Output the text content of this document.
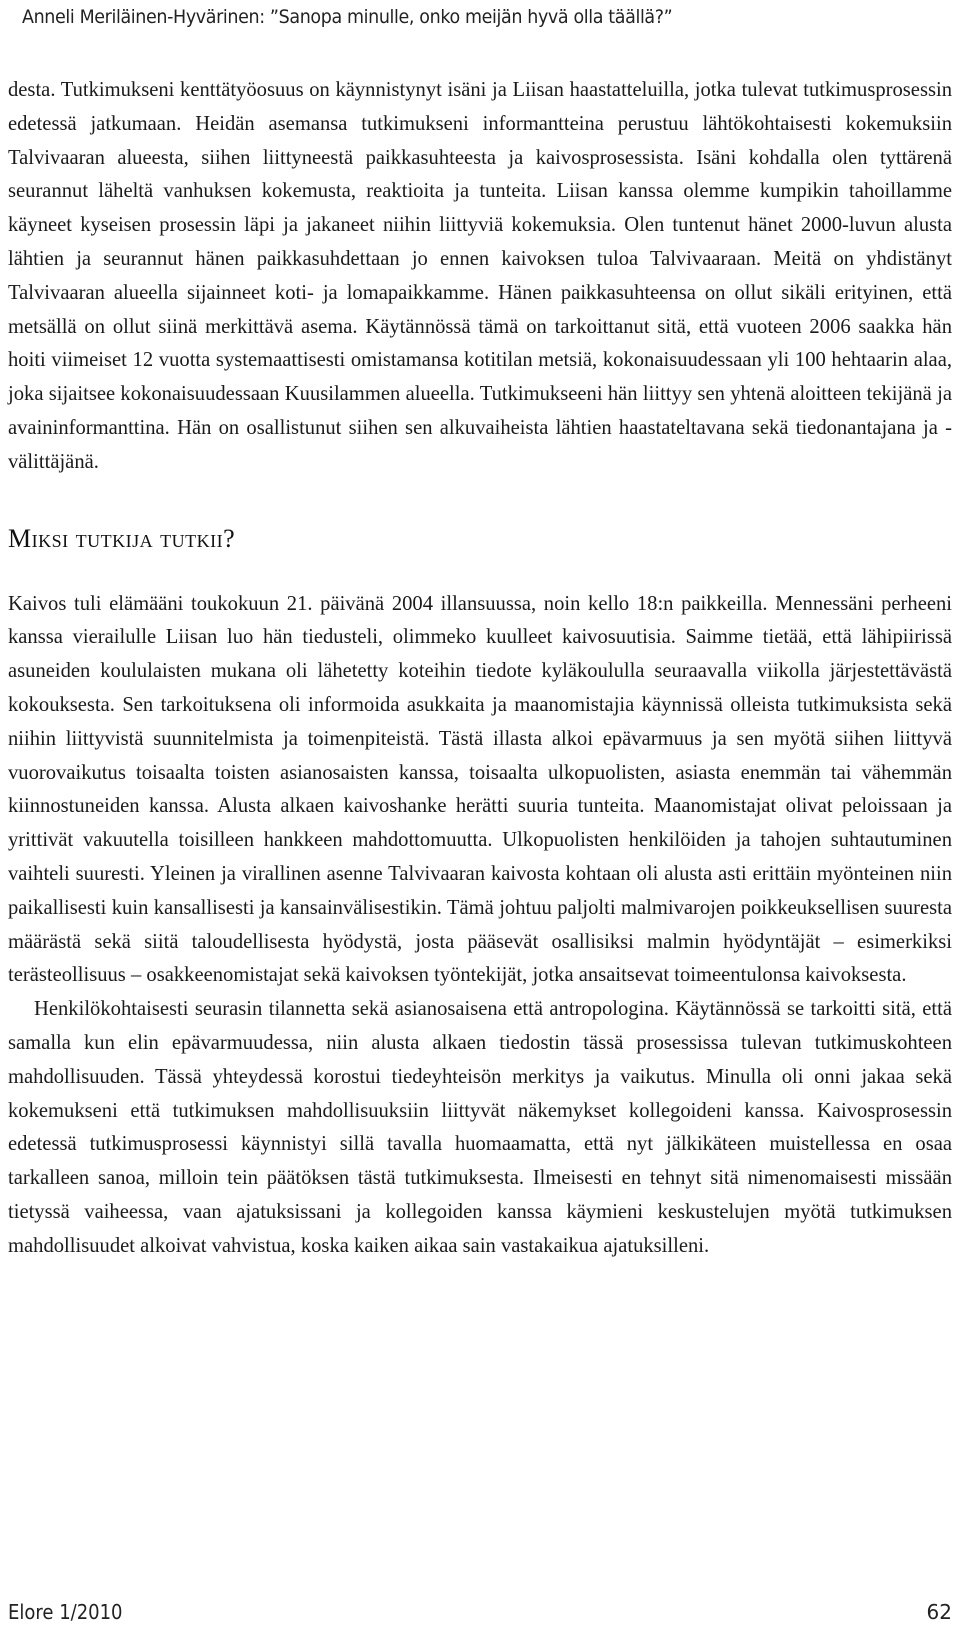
Anneli Meriläinen-Hyvärinen: ”Sanopa minulle, onko meijän hyvä olla täällä?”

desta. Tutkimukseni kenttätyöosuus on käynnistynyt isäni ja Liisan haastatteluilla, jotka tulevat tutkimusprosessin edetessä jatkumaan. Heidän asemansa tutkimukseni informantteina perustuu lähtökohtaisesti kokemuksiin Talvivaaran alueesta, siihen liittyneestä paikkasuhteesta ja kaivosprosessista. Isäni kohdalla olen tyttärenä seurannut läheltä vanhuksen kokemusta, reaktioita ja tunteita. Liisan kanssa olemme kumpikin tahoillamme käyneet kyseisen prosessin läpi ja jakaneet niihin liittyviä kokemuksia. Olen tuntenut hänet 2000-luvun alusta lähtien ja seurannut hänen paikkasuhdettaan jo ennen kaivoksen tuloa Talvivaaraan. Meitä on yhdistänyt Talvivaaran alueella sijainneet koti- ja lomapaikkamme. Hänen paikkasuhteensa on ollut sikäli erityinen, että metsällä on ollut siinä merkittävä asema. Käytännössä tämä on tarkoittanut sitä, että vuoteen 2006 saakka hän hoiti viimeiset 12 vuotta systemaattisesti omistamansa kotitilan metsiä, kokonaisuudessaan yli 100 hehtaarin alaa, joka sijaitsee kokonaisuudessaan Kuusilammen alueella. Tutkimukseeni hän liittyy sen yhtenä aloitteen tekijänä ja avaininformanttina. Hän on osallistunut siihen sen alkuvaiheista lähtien haastateltavana sekä tiedonantajana ja -välittäjänä.

Miksi tutkija tutkii?

Kaivos tuli elämääni toukokuun 21. päivänä 2004 illansuussa, noin kello 18:n paikkeilla. Mennessäni perheeni kanssa vierailulle Liisan luo hän tiedusteli, olimmeko kuulleet kaivosuutisia. Saimme tietää, että lähipiirissä asuneiden koululaisten mukana oli lähetetty koteihin tiedote kyläkoululla seuraavalla viikolla järjestettävästä kokouksesta. Sen tarkoituksena oli informoida asukkaita ja maanomistajia käynnissä olleista tutkimuksista sekä niihin liittyvistä suunnitelmista ja toimenpiteistä. Tästä illasta alkoi epävarmuus ja sen myötä siihen liittyvä vuorovaikutus toisaalta toisten asianosaisten kanssa, toisaalta ulkopuolisten, asiasta enemmän tai vähemmän kiinnostuneiden kanssa. Alusta alkaen kaivoshanke herätti suuria tunteita. Maanomistajat olivat peloissaan ja yrittivät vakuutella toisilleen hankkeen mahdottomuutta. Ulkopuolisten henkilöiden ja tahojen suhtautuminen vaihteli suuresti. Yleinen ja virallinen asenne Talvivaaran kaivosta kohtaan oli alusta asti erittäin myönteinen niin paikallisesti kuin kansallisesti ja kansainvälisestikin. Tämä johtuu paljolti malmivarojen poikkeuksellisen suuresta määrästä sekä siitä taloudellisesta hyödystä, josta pääsevät osallisiksi malmin hyödyntäjät – esimerkiksi terästeollisuus – osakkeenomistajat sekä kaivoksen työntekijät, jotka ansaitsevat toimeentulonsa kaivoksesta.

Henkilökohtaisesti seurasin tilannetta sekä asianosaisena että antropologina. Käytännössä se tarkoitti sitä, että samalla kun elin epävarmuudessa, niin alusta alkaen tiedostin tässä prosessissa tulevan tutkimuskohteen mahdollisuuden. Tässä yhteydessä korostui tiedeyhteisön merkitys ja vaikutus. Minulla oli onni jakaa sekä kokemukseni että tutkimuksen mahdollisuuksiin liittyvät näkemykset kollegoideni kanssa. Kaivosprosessin edetessä tutkimusprosessi käynnistyi sillä tavalla huomaamatta, että nyt jälkikäteen muistellessa en osaa tarkalleen sanoa, milloin tein päätöksen tästä tutkimuksesta. Ilmeisesti en tehnyt sitä nimenomaisesti missään tietyssä vaiheessa, vaan ajatuksissani ja kollegoiden kanssa käymieni keskustelujen myötä tutkimuksen mahdollisuudet alkoivat vahvistua, koska kaiken aikaa sain vastakaikua ajatuksilleni.

Elore 1/2010	62
